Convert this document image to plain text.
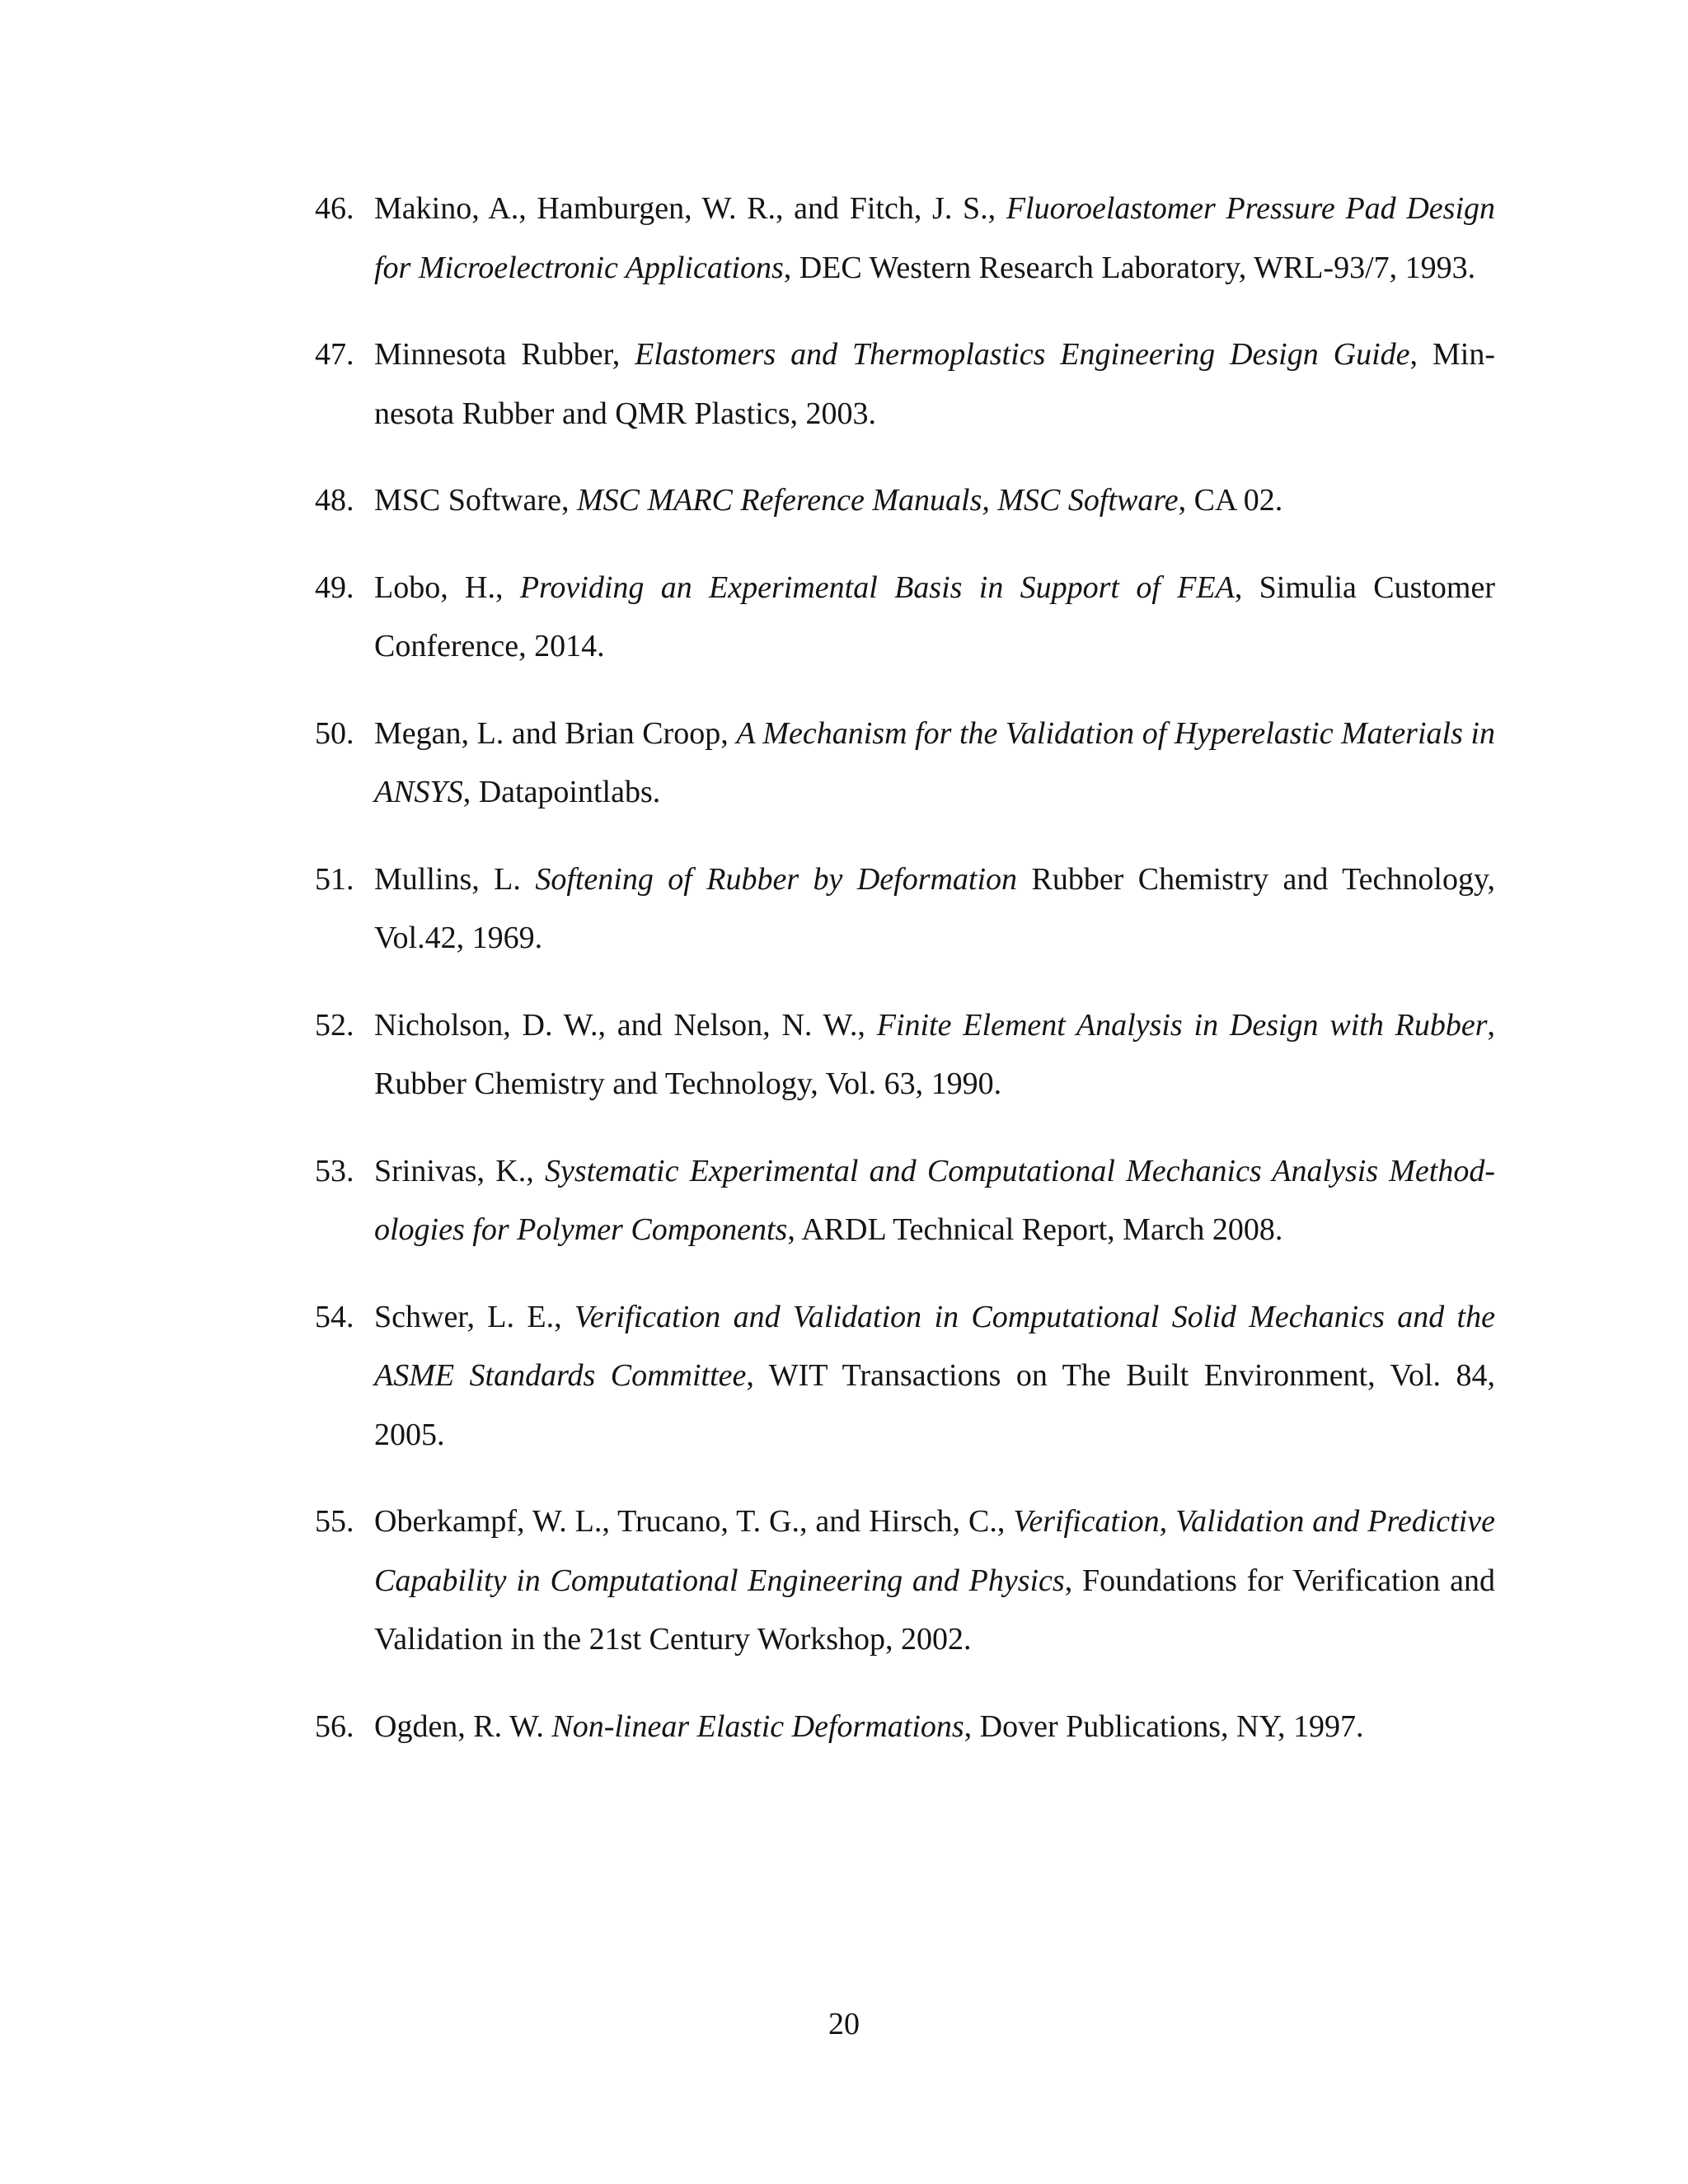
46. Makino, A., Hamburgen, W. R., and Fitch, J. S., Fluoroelastomer Pressure Pad Design for Microelectronic Applications, DEC Western Research Laboratory, WRL-93/7, 1993.
47. Minnesota Rubber, Elastomers and Thermoplastics Engineering Design Guide, Minnesota Rubber and QMR Plastics, 2003.
48. MSC Software, MSC MARC Reference Manuals, MSC Software, CA 02.
49. Lobo, H., Providing an Experimental Basis in Support of FEA, Simulia Customer Conference, 2014.
50. Megan, L. and Brian Croop, A Mechanism for the Validation of Hyperelastic Materials in ANSYS, Datapointlabs.
51. Mullins, L. Softening of Rubber by Deformation Rubber Chemistry and Technology, Vol.42, 1969.
52. Nicholson, D. W., and Nelson, N. W., Finite Element Analysis in Design with Rubber, Rubber Chemistry and Technology, Vol. 63, 1990.
53. Srinivas, K., Systematic Experimental and Computational Mechanics Analysis Methodologies for Polymer Components, ARDL Technical Report, March 2008.
54. Schwer, L. E., Verification and Validation in Computational Solid Mechanics and the ASME Standards Committee, WIT Transactions on The Built Environment, Vol. 84, 2005.
55. Oberkampf, W. L., Trucano, T. G., and Hirsch, C., Verification, Validation and Predictive Capability in Computational Engineering and Physics, Foundations for Verification and Validation in the 21st Century Workshop, 2002.
56. Ogden, R. W. Non-linear Elastic Deformations, Dover Publications, NY, 1997.
20
